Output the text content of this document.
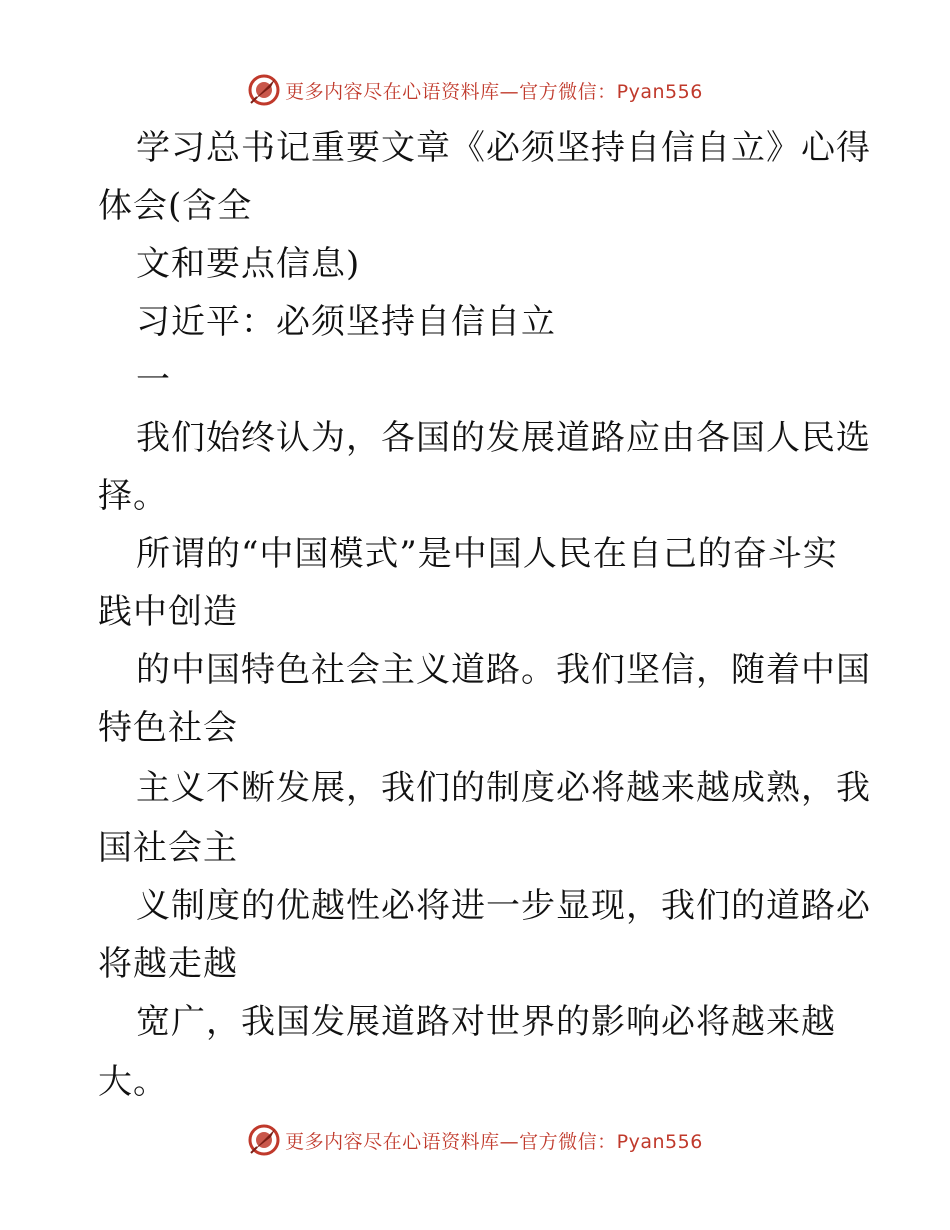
更多内容尽在心语资料库—官方微信：Pyan556
学习总书记重要文章《必须坚持自信自立》心得
体会(含全
文和要点信息)
习近平：必须坚持自信自立
一
我们始终认为，各国的发展道路应由各国人民选
择。
所谓的“中国模式”是中国人民在自己的奋斗实
践中创造
的中国特色社会主义道路。我们坚信，随着中国
特色社会
主义不断发展，我们的制度必将越来越成熟，我
国社会主
义制度的优越性必将进一步显现，我们的道路必
将越走越
宽广，我国发展道路对世界的影响必将越来越
大。
更多内容尽在心语资料库—官方微信：Pyan556
